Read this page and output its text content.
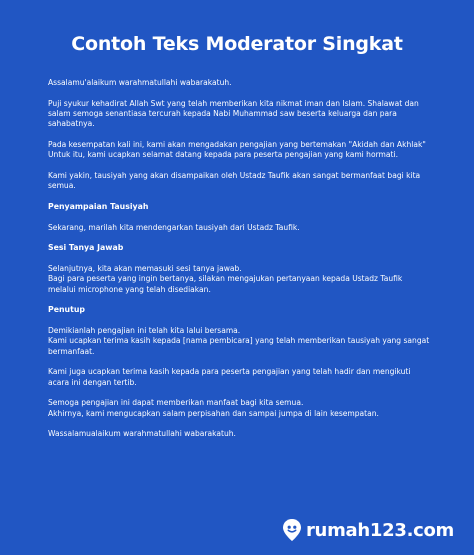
Contoh Teks Moderator Singkat

Assalamu'alaikum warahmatullahi wabarakatuh.

Puji syukur kehadirat Allah Swt yang telah memberikan kita nikmat iman dan Islam. Shalawat dan salam semoga senantiasa tercurah kepada Nabi Muhammad saw beserta keluarga dan para sahabatnya.

Pada kesempatan kali ini, kami akan mengadakan pengajian yang bertemakan "Akidah dan Akhlak"
Untuk itu, kami ucapkan selamat datang kepada para peserta pengajian yang kami hormati.

Kami yakin, tausiyah yang akan disampaikan oleh Ustadz Taufik akan sangat bermanfaat bagi kita semua.

Penyampaian Tausiyah

Sekarang, marilah kita mendengarkan tausiyah dari Ustadz Taufik.

Sesi Tanya Jawab

Selanjutnya, kita akan memasuki sesi tanya jawab.
Bagi para peserta yang ingin bertanya, silakan mengajukan pertanyaan kepada Ustadz Taufik melalui microphone yang telah disediakan.

Penutup

Demikianlah pengajian ini telah kita lalui bersama.
Kami ucapkan terima kasih kepada [nama pembicara] yang telah memberikan tausiyah yang sangat bermanfaat.

Kami juga ucapkan terima kasih kepada para peserta pengajian yang telah hadir dan mengikuti acara ini dengan tertib.

Semoga pengajian ini dapat memberikan manfaat bagi kita semua.
Akhirnya, kami mengucapkan salam perpisahan dan sampai jumpa di lain kesempatan.

Wassalamualaikum warahmatullahi wabarakatuh.

rumah123.com
